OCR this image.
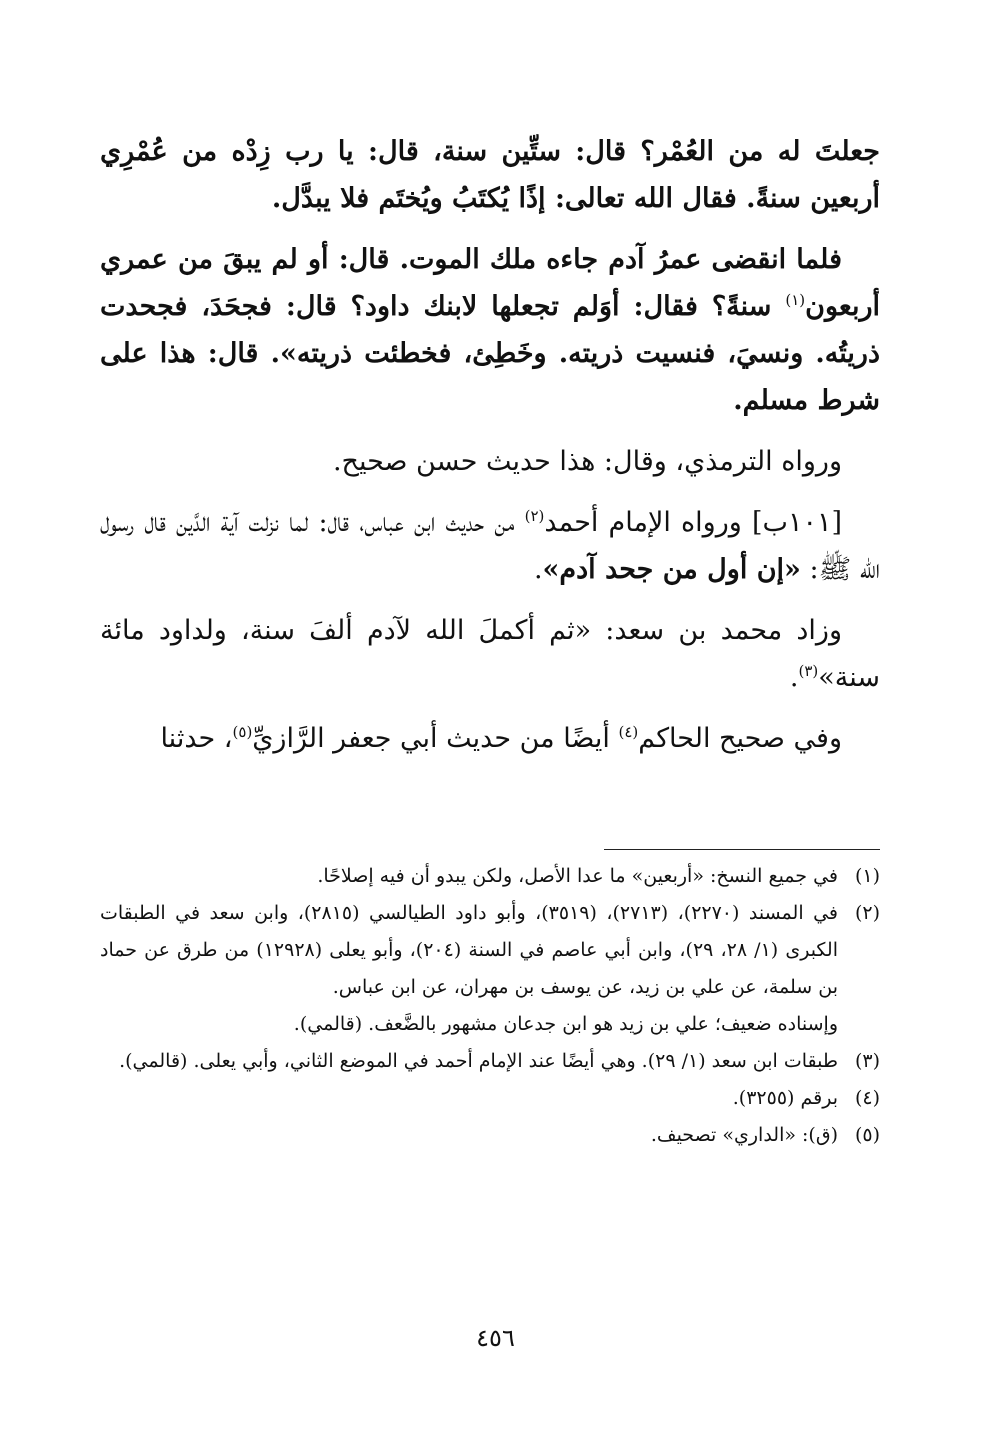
جعلتَ له من العُمْر؟ قال: ستِّين سنة، قال: يا رب زِدْه من عُمْرِي أربعين سنةً. فقال الله تعالى: إذًا يُكتَبُ ويُختَم فلا يبدَّل.

فلما انقضى عمرُ آدم جاءه ملك الموت. قال: أو لم يبقَ من عمري أربعون$^{(١)}$ سنةً؟ فقال: أوَلم تجعلها لابنك داود؟ قال: فجحَدَ، فجحدت ذريتُه. ونسيَ، فنسيت ذريته. وخَطِئ، فخطئت ذريته». قال: هذا على شرط مسلم.

ورواه الترمذي، وقال: هذا حديث حسن صحيح.

[١٠١ب] ورواه الإمام أحمد$^{(٢)}$ من حديث ابن عباس، قال: لما نزلت آية الدَّين قال رسول الله ﷺ: «إن أول من جحد آدم».

وزاد محمد بن سعد: «ثم أكملَ الله لآدم ألفَ سنة، ولداود مائة سنة»$^{(٣)}$.

وفي صحيح الحاكم$^{(٤)}$ أيضًا من حديث أبي جعفر الرَّازيِّ$^{(٥)}$، حدثنا

(١)
في جميع النسخ: «أربعين» ما عدا الأصل، ولكن يبدو أن فيه إصلاحًا.
(٢)
في المسند (٢٢٧٠)، (٢٧١٣)، (٣٥١٩)، وأبو داود الطيالسي (٢٨١٥)، وابن سعد في الطبقات الكبرى (١/ ٢٨، ٢٩)، وابن أبي عاصم في السنة (٢٠٤)، وأبو يعلى (١٢٩٢٨) من طرق عن حماد بن سلمة، عن علي بن زيد، عن يوسف بن مهران، عن ابن عباس.
وإسناده ضعيف؛ علي بن زيد هو ابن جدعان مشهور بالضَّعف. (قالمي).
(٣)
طبقات ابن سعد (١/ ٢٩). وهي أيضًا عند الإمام أحمد في الموضع الثاني، وأبي يعلى. (قالمي).
(٤)
برقم (٣٢٥٥).
(٥)
(ق): «الداري» تصحيف.
٤٥٦
